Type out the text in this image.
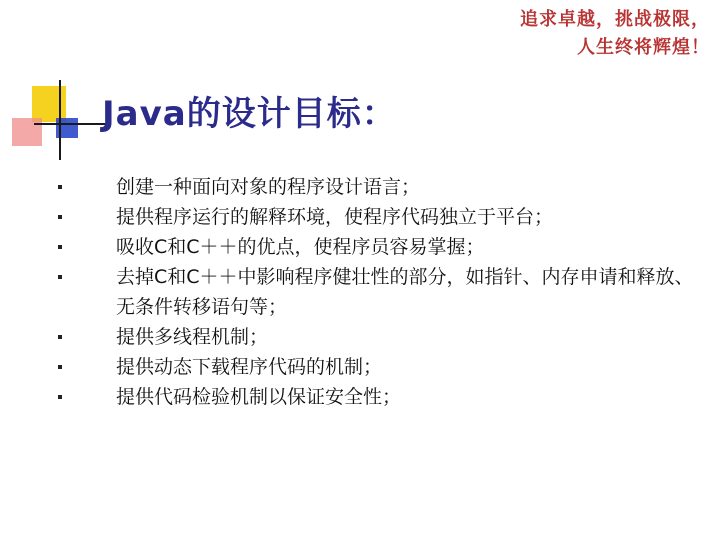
追求卓越，挑战极限，
人生终将辉煌！
Java的设计目标：
创建一种面向对象的程序设计语言；
提供程序运行的解释环境，使程序代码独立于平台；
吸收C和C＋＋的优点，使程序员容易掌握；
去掉C和C＋＋中影响程序健壮性的部分，如指针、内存申请和释放、无条件转移语句等；
提供多线程机制；
提供动态下载程序代码的机制；
提供代码检验机制以保证安全性；
